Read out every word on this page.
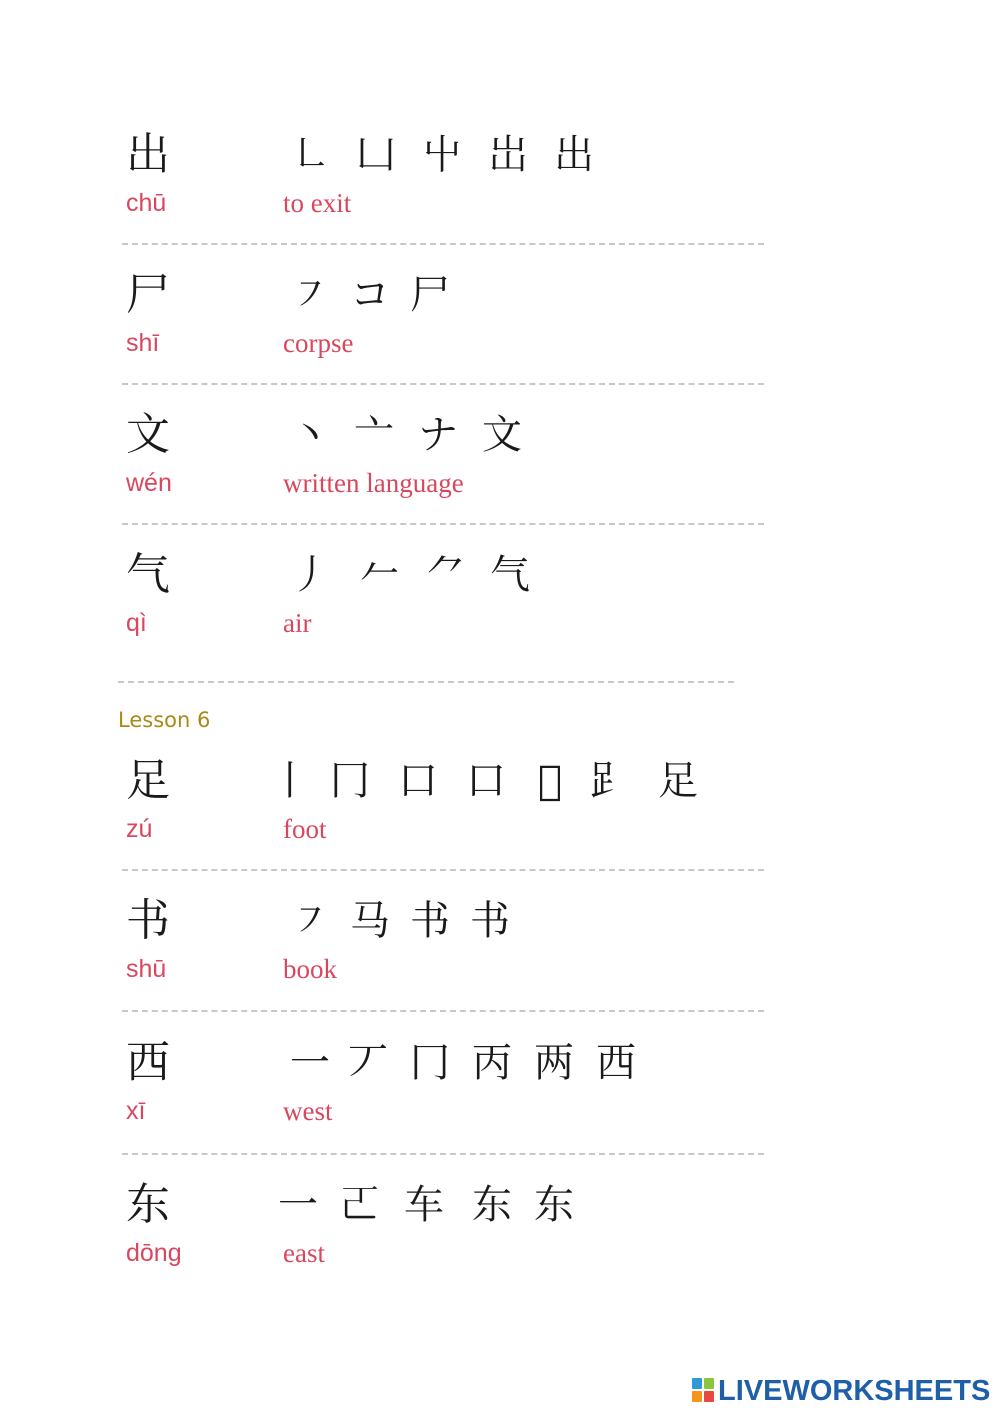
出	㇗ 凵 屮 岀 出
chū	to exit
尸	㇇ コ 尸
shī	corpse
文	丶 亠 ナ 文
wén	written language
气	丿 𠂉 ⺈ 气
qì	air
Lesson 6
足	丨 冂 口 口 𠯁 𧾷 足
zú	foot
书	㇇ 马 书 书
shū	book
西	一 丆 冂 丙 两 西
xī	west
东	一 𠀀 车 东 东
dōng	east
LIVEWORKSHEETS
